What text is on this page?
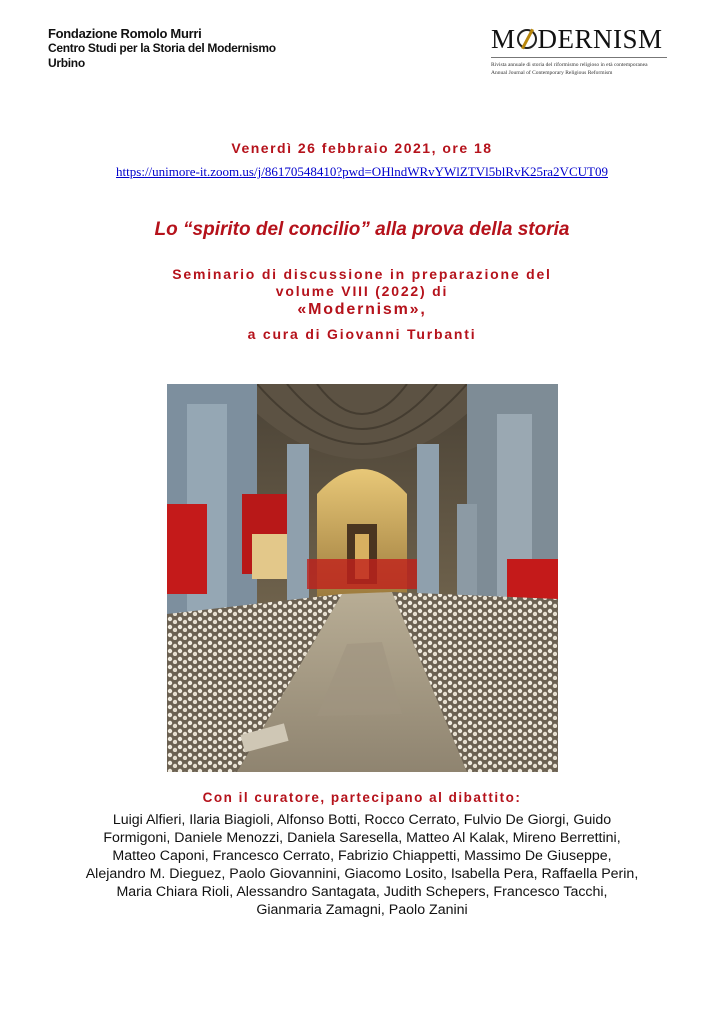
Fondazione Romolo Murri
Centro Studi per la Storia del Modernismo
Urbino
M DERNISM
Rivista annuale di storia del riformismo religioso in età contemporanea
Annual Journal of Contemporary Religious Reformism
Venerdì 26 febbraio 2021, ore 18
https://unimore-it.zoom.us/j/86170548410?pwd=OHlndWRvYWlZTVl5blRvK25ra2VCUT09
Lo “spirito del concilio” alla prova della storia
Seminario di discussione in preparazione del
volume VIII (2022) di
«Modernism»,
a cura di Giovanni Turbanti
Con il curatore, partecipano al dibattito:
Luigi Alfieri, Ilaria Biagioli, Alfonso Botti, Rocco Cerrato, Fulvio De Giorgi, Guido
Formigoni, Daniele Menozzi, Daniela Saresella, Matteo Al Kalak, Mireno Berrettini,
Matteo Caponi, Francesco Cerrato, Fabrizio Chiappetti, Massimo De Giuseppe,
Alejandro M. Dieguez, Paolo Giovannini, Giacomo Losito, Isabella Pera, Raffaella Perin,
Maria Chiara Rioli, Alessandro Santagata, Judith Schepers, Francesco Tacchi,
Gianmaria Zamagni, Paolo Zanini
